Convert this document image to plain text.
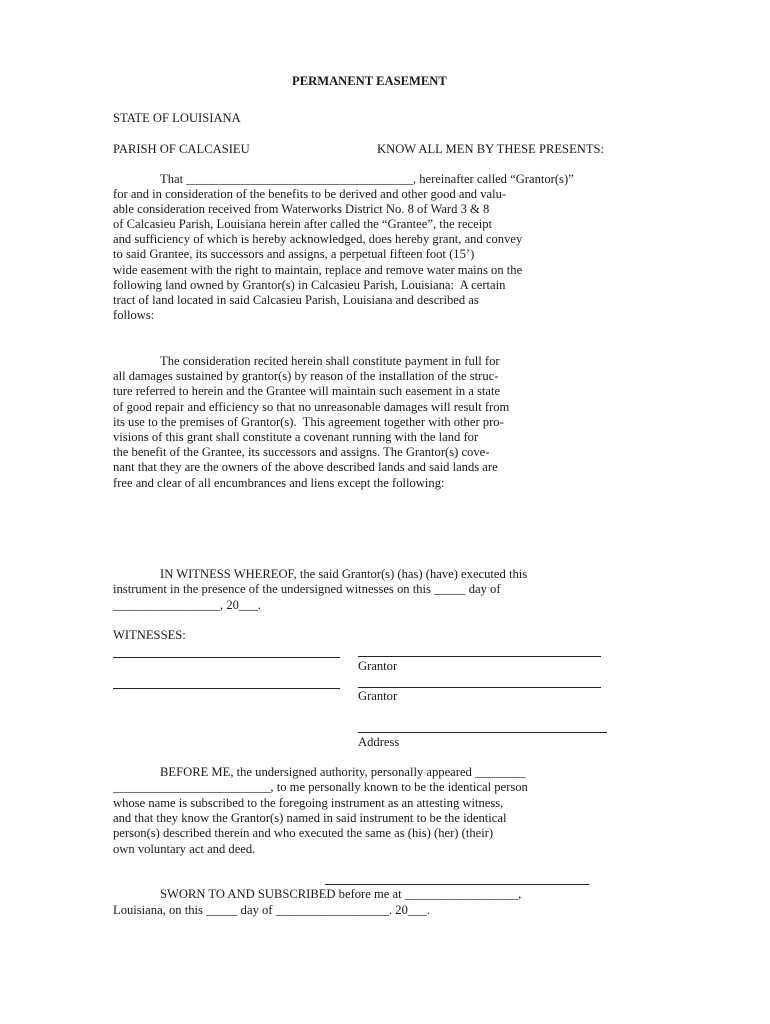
PERMANENT EASEMENT
STATE OF LOUISIANA
PARISH OF CALCASIEU	KNOW ALL MEN BY THESE PRESENTS:
That ____________________________________, hereinafter called “Grantor(s)”
for and in consideration of the benefits to be derived and other good and valu-
able consideration received from Waterworks District No. 8 of Ward 3 & 8
of Calcasieu Parish, Louisiana herein after called the “Grantee”, the receipt
and sufficiency of which is hereby acknowledged, does hereby grant, and convey
to said Grantee, its successors and assigns, a perpetual fifteen foot (15’)
wide easement with the right to maintain, replace and remove water mains on the
following land owned by Grantor(s) in Calcasieu Parish, Louisiana:  A certain
tract of land located in said Calcasieu Parish, Louisiana and described as
follows:
The consideration recited herein shall constitute payment in full for
all damages sustained by grantor(s) by reason of the installation of the struc-
ture referred to herein and the Grantee will maintain such easement in a state
of good repair and efficiency so that no unreasonable damages will result from
its use to the premises of Grantor(s).  This agreement together with other pro-
visions of this grant shall constitute a covenant running with the land for
the benefit of the Grantee, its successors and assigns. The Grantor(s) cove-
nant that they are the owners of the above described lands and said lands are
free and clear of all encumbrances and liens except the following:
IN WITNESS WHEREOF, the said Grantor(s) (has) (have) executed this
instrument in the presence of the undersigned witnesses on this _____ day of
_________________, 20___.
WITNESSES:
Grantor
Grantor
Address
BEFORE ME, the undersigned authority, personally appeared ________
_________________________, to me personally known to be the identical person
whose name is subscribed to the foregoing instrument as an attesting witness,
and that they know the Grantor(s) named in said instrument to be the identical
person(s) described therein and who executed the same as (his) (her) (their)
own voluntary act and deed.
SWORN TO AND SUBSCRIBED before me at __________________,
Louisiana, on this _____ day of __________________. 20___.
